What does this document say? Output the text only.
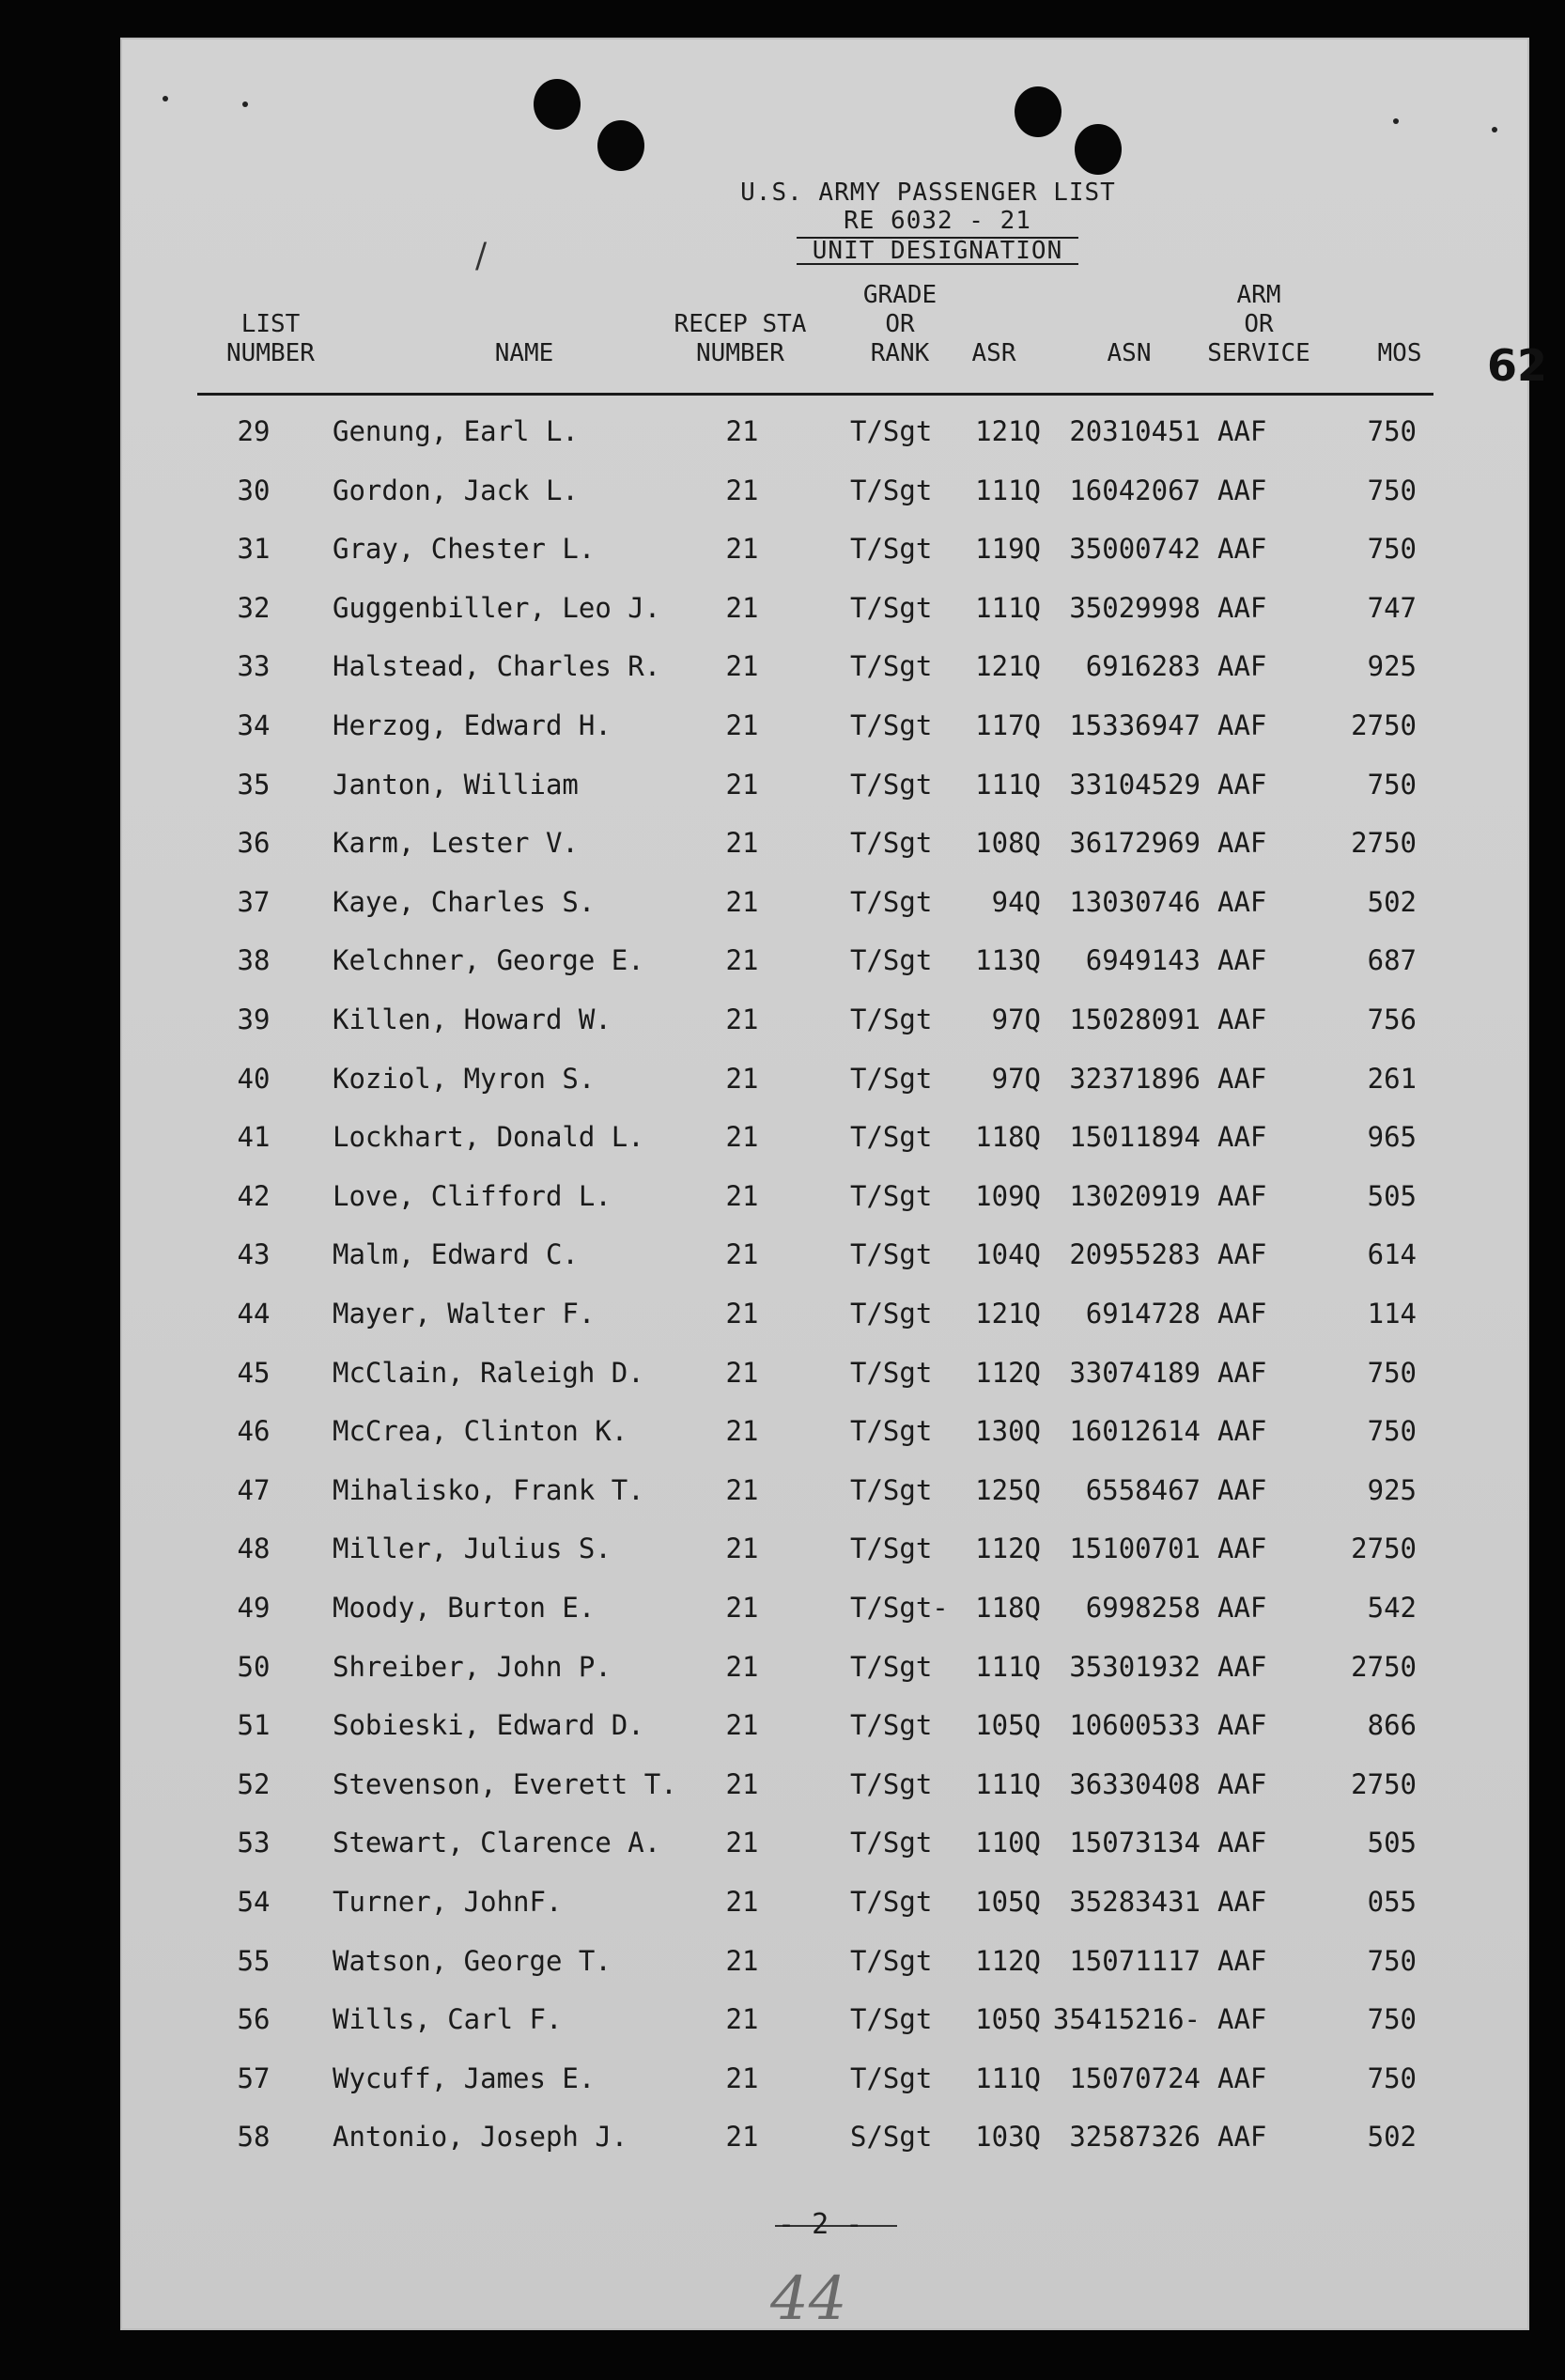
/
U.S. ARMY PASSENGER LIST
RE 6032 - 21
UNIT DESIGNATION
LIST
NUMBER	NAME
RECEP STA
NUMBER
GRADE
OR
RANK	ASR	ASN
ARM
OR
SERVICE	MOS	62
29	Genung, Earl L.	21	T/Sgt	121Q	20310451 AAF	750
30	Gordon, Jack L.	21	T/Sgt	111Q	16042067 AAF	750
31	Gray, Chester L.	21	T/Sgt	119Q	35000742 AAF	750
32	Guggenbiller, Leo J. 21	T/Sgt	111Q	35029998 AAF	747
33	Halstead, Charles R. 21	T/Sgt	121Q	6916283 AAF	925
34	Herzog, Edward H.	21	T/Sgt	117Q	15336947 AAF	2750
35	Janton, William	21	T/Sgt	111Q	33104529 AAF	750
36	Karm, Lester V.	21	T/Sgt	108Q	36172969 AAF	2750
37	Kaye, Charles S.	21	T/Sgt	94Q	13030746 AAF	502
38	Kelchner, George E.	21	T/Sgt	113Q	6949143 AAF	687
39	Killen, Howard W.	21	T/Sgt	97Q	15028091 AAF	756
40	Koziol, Myron S.	21	T/Sgt	97Q	32371896 AAF	261
41	Lockhart, Donald L.	21	T/Sgt	118Q	15011894 AAF	965
42	Love, Clifford L.	21	T/Sgt	109Q	13020919 AAF	505
43	Malm, Edward C.	21	T/Sgt	104Q	20955283 AAF	614
44	Mayer, Walter F.	21	T/Sgt	121Q	6914728 AAF	114
45	McClain, Raleigh D.	21	T/Sgt	112Q	33074189 AAF	750
46	McCrea, Clinton K.	21	T/Sgt	130Q	16012614 AAF	750
47	Mihalisko, Frank T.	21	T/Sgt	125Q	6558467 AAF	925
48	Miller, Julius S.	21	T/Sgt	112Q	15100701 AAF	2750
49	Moody, Burton E.	21	T/Sgt- 118Q	6998258 AAF	542
50	Shreiber, John P.	21	T/Sgt	111Q	35301932 AAF	2750
51	Sobieski, Edward D.	21	T/Sgt	105Q	10600533 AAF	866
52	Stevenson, Everett T. 21	T/Sgt	111Q	36330408 AAF	2750
53	Stewart, Clarence A. 21	T/Sgt	110Q	15073134 AAF	505
54	Turner, JohnF.	21	T/Sgt	105Q	35283431 AAF	055
55	Watson, George T.	21	T/Sgt	112Q	15071117 AAF	750
56	Wills, Carl F.	21	T/Sgt	105Q 35415216- AAF	750
57	Wycuff, James E.	21	T/Sgt	111Q	15070724 AAF	750
58	Antonio, Joseph J.	21	S/Sgt	103Q	32587326 AAF	502
- 2 -
44
